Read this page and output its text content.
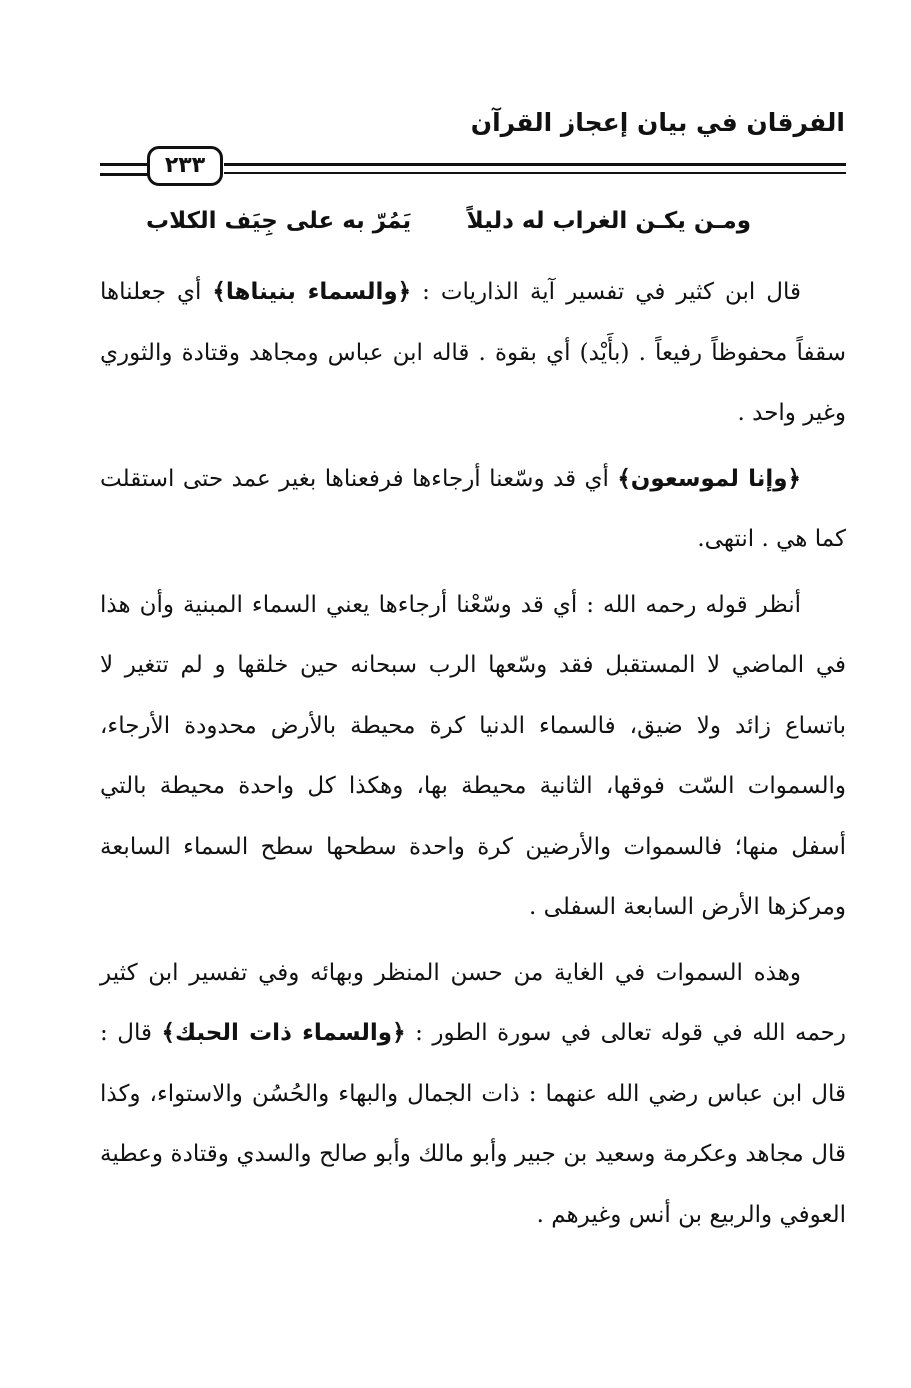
الفرقان في بيان إعجاز القرآن
٢٣٣
ومـن يكـن الغراب له دليلاً
يَمُرّ به على جِيَف الكلاب

قال ابن كثير في تفسير آية الذاريات : ﴿والسماء بنيناها﴾ أي جعلناها سقفاً محفوظاً رفيعاً . (بأَيْد) أي بقوة . قاله ابن عباس ومجاهد وقتادة والثوري وغير واحد .

﴿وإنا لموسعون﴾ أي قد وسّعنا أرجاءها فرفعناها بغير عمد حتى استقلت كما هي . انتهى.

أنظر قوله رحمه الله : أي قد وسّعْنا أرجاءها يعني السماء المبنية وأن هذا في الماضي لا المستقبل فقد وسّعها الرب سبحانه حين خلقها و لم تتغير لا باتساع زائد ولا ضيق، فالسماء الدنيا كرة محيطة بالأرض محدودة الأرجاء، والسموات السّت فوقها، الثانية محيطة بها، وهكذا كل واحدة محيطة بالتي أسفل منها؛ فالسموات والأرضين كرة واحدة سطحها سطح السماء السابعة ومركزها الأرض السابعة السفلى .

وهذه السموات في الغاية من حسن المنظر وبهائه وفي تفسير ابن كثير رحمه الله في قوله تعالى في سورة الطور : ﴿والسماء ذات الحبك﴾ قال : قال ابن عباس رضي الله عنهما : ذات الجمال والبهاء والحُسُن والاستواء، وكذا قال مجاهد وعكرمة وسعيد بن جبير وأبو مالك وأبو صالح والسدي وقتادة وعطية العوفي والربيع بن أنس وغيرهم .
